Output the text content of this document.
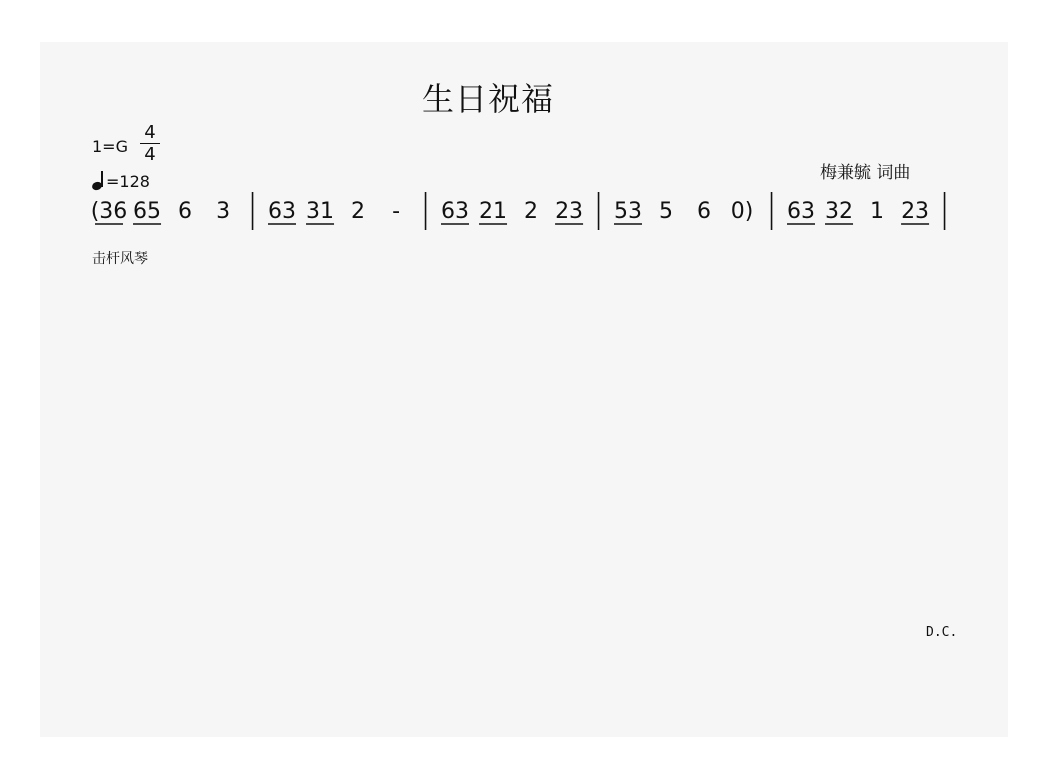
生日祝福
1=G
4
4
=128	梅兼毓 词曲
击杆风琴
(36 65 6 3 63 31 2 - 63 21 2 23 53 5 6 0) 63 32 1 23
D.C.
